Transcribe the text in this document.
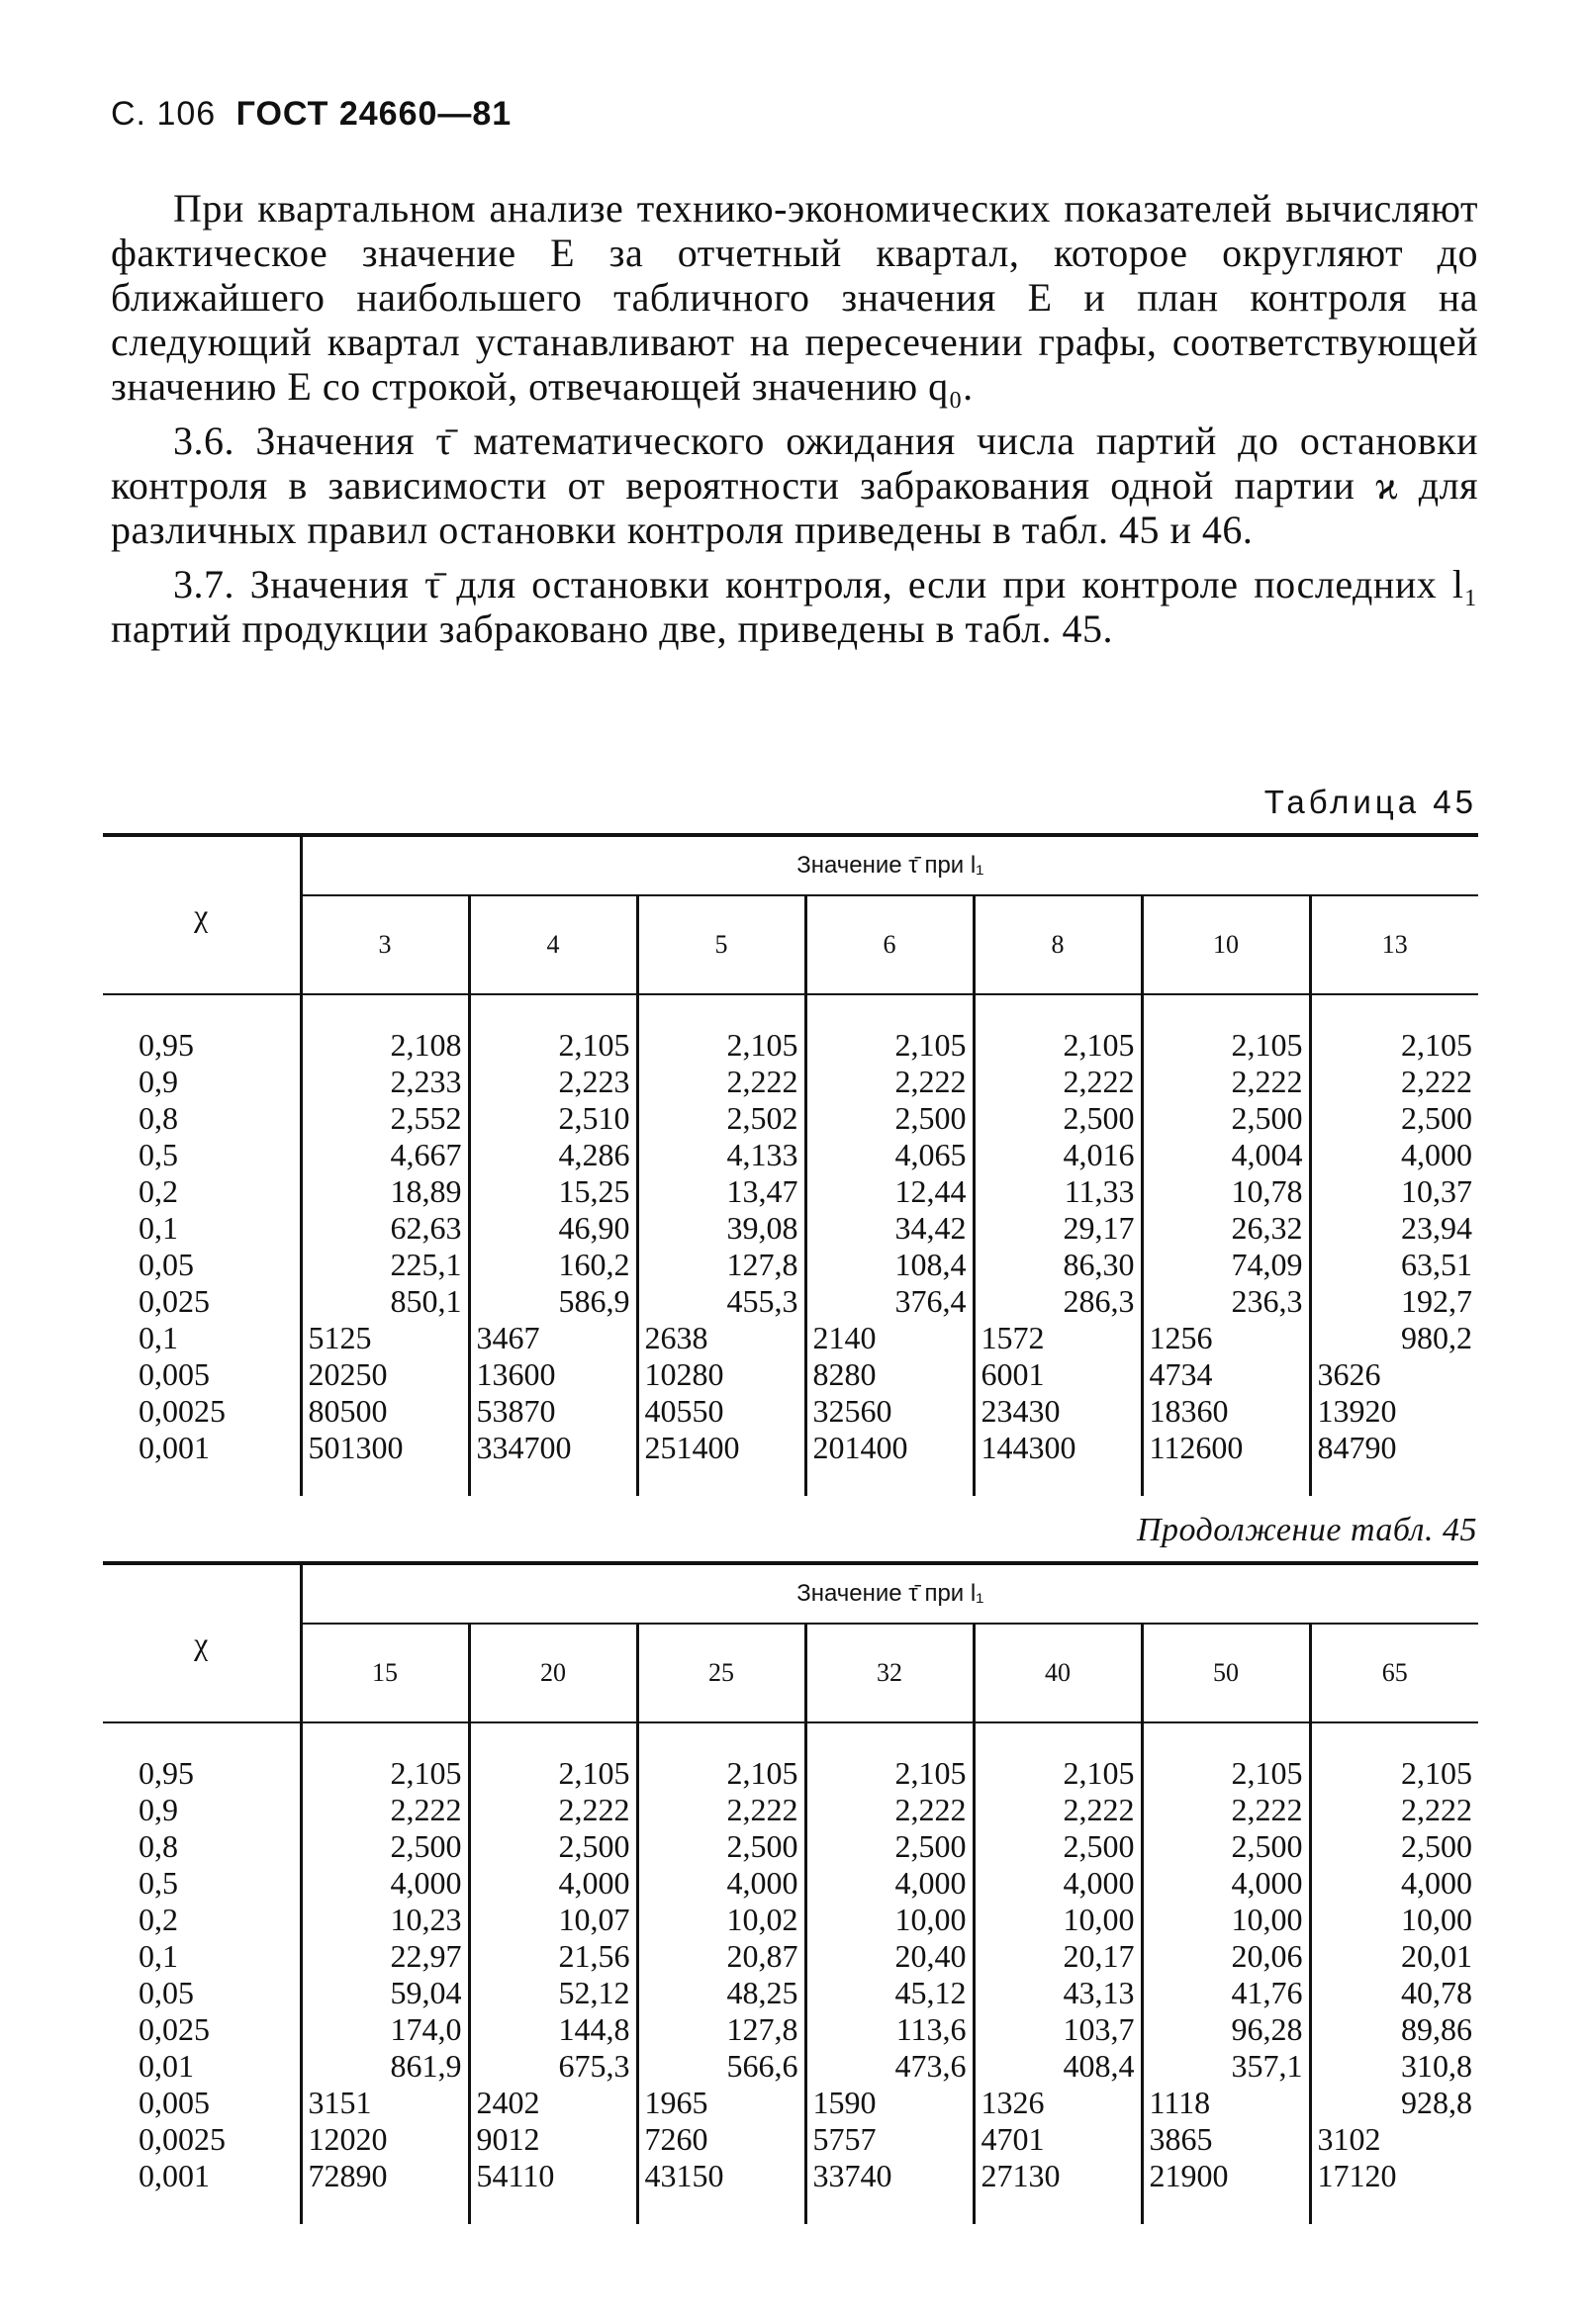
С. 106 ГОСТ 24660—81

При квартальном анализе технико-экономических показателей вычисляют фактическое значение E за отчетный квартал, которое округляют до ближайшего наибольшего табличного значения E и план контроля на следующий квартал устанавливают на пересечении графы, соответствующей значению E со строкой, отвечающей значению q₀.

3.6. Значения τ̄ математического ожидания числа партий до остановки контроля в зависимости от вероятности забракования одной партии ϰ для различных правил остановки контроля приведены в табл. 45 и 46.

3.7. Значения τ̄ для остановки контроля, если при контроле последних l₁ партий продукции забраковано две, приведены в табл. 45.

Таблица 45
χ	Значение τ̄ при l₁						
	3	4	5	6	8	10	13

0,95	2,108	2,105	2,105	2,105	2,105	2,105	2,105
0,9	2,233	2,223	2,222	2,222	2,222	2,222	2,222
0,8	2,552	2,510	2,502	2,500	2,500	2,500	2,500
0,5	4,667	4,286	4,133	4,065	4,016	4,004	4,000
0,2	18,89	15,25	13,47	12,44	11,33	10,78	10,37
0,1	62,63	46,90	39,08	34,42	29,17	26,32	23,94
0,05	225,1	160,2	127,8	108,4	86,30	74,09	63,51
0,025	850,1	586,9	455,3	376,4	286,3	236,3	192,7
0,1	5125	3467	2638	2140	1572	1256	980,2
0,005	20250	13600	10280	8280	6001	4734	3626
0,0025	80500	53870	40550	32560	23430	18360	13920
0,001	501300	334700	251400	201400	144300	112600	84790

Продолжение табл. 45
χ	Значение τ̄ при l₁						
	15	20	25	32	40	50	65

0,95	2,105	2,105	2,105	2,105	2,105	2,105	2,105
0,9	2,222	2,222	2,222	2,222	2,222	2,222	2,222
0,8	2,500	2,500	2,500	2,500	2,500	2,500	2,500
0,5	4,000	4,000	4,000	4,000	4,000	4,000	4,000
0,2	10,23	10,07	10,02	10,00	10,00	10,00	10,00
0,1	22,97	21,56	20,87	20,40	20,17	20,06	20,01
0,05	59,04	52,12	48,25	45,12	43,13	41,76	40,78
0,025	174,0	144,8	127,8	113,6	103,7	96,28	89,86
0,01	861,9	675,3	566,6	473,6	408,4	357,1	310,8
0,005	3151	2402	1965	1590	1326	1118	928,8
0,0025	12020	9012	7260	5757	4701	3865	3102
0,001	72890	54110	43150	33740	27130	21900	17120
